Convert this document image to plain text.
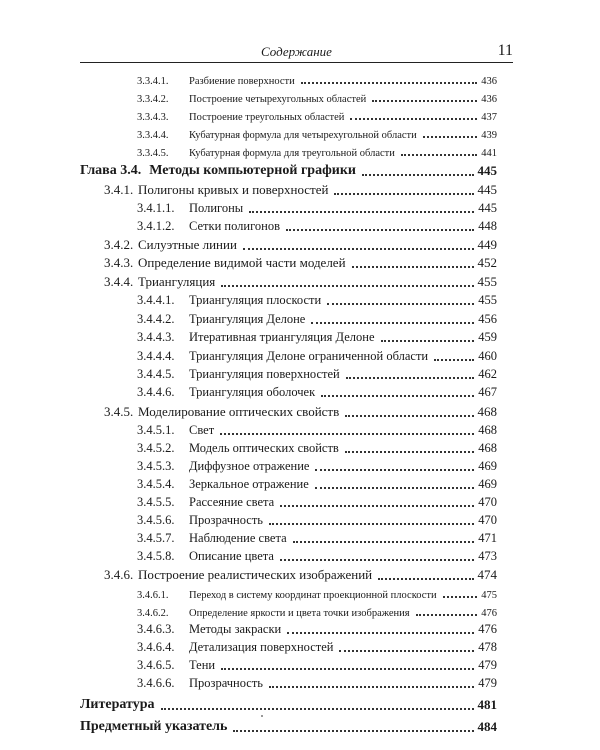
Содержание	11
3.3.4.1.	Разбиение поверхности	436
3.3.4.2.	Построение четырехугольных областей	436
3.3.4.3.	Построение треугольных областей	437
3.3.4.4.	Кубатурная формула для четырехугольной области	439
3.3.4.5.	Кубатурная формула для треугольной области	441
Глава 3.4. Методы компьютерной графики	445
3.4.1. Полигоны кривых и поверхностей	445
3.4.1.1.	Полигоны	445
3.4.1.2.	Сетки полигонов	448
3.4.2. Силуэтные линии	449
3.4.3. Определение видимой части моделей	452
3.4.4. Триангуляция	455
3.4.4.1.	Триангуляция плоскости	455
3.4.4.2.	Триангуляция Делоне	456
3.4.4.3.	Итеративная триангуляция Делоне	459
3.4.4.4.	Триангуляция Делоне ограниченной области	460
3.4.4.5.	Триангуляция поверхностей	462
3.4.4.6.	Триангуляция оболочек	467
3.4.5. Моделирование оптических свойств	468
3.4.5.1.	Свет	468
3.4.5.2.	Модель оптических свойств	468
3.4.5.3.	Диффузное отражение	469
3.4.5.4.	Зеркальное отражение	469
3.4.5.5.	Рассеяние света	470
3.4.5.6.	Прозрачность	470
3.4.5.7.	Наблюдение света	471
3.4.5.8.	Описание цвета	473
3.4.6. Построение реалистических изображений	474
3.4.6.1.	Переход в систему координат проекционной плоскости	475
3.4.6.2.	Определение яркости и цвета точки изображения	476
3.4.6.3.	Методы закраски	476
3.4.6.4.	Детализация поверхностей	478
3.4.6.5.	Тени	479
3.4.6.6.	Прозрачность	479
Литература	481
Предметный указатель	484
